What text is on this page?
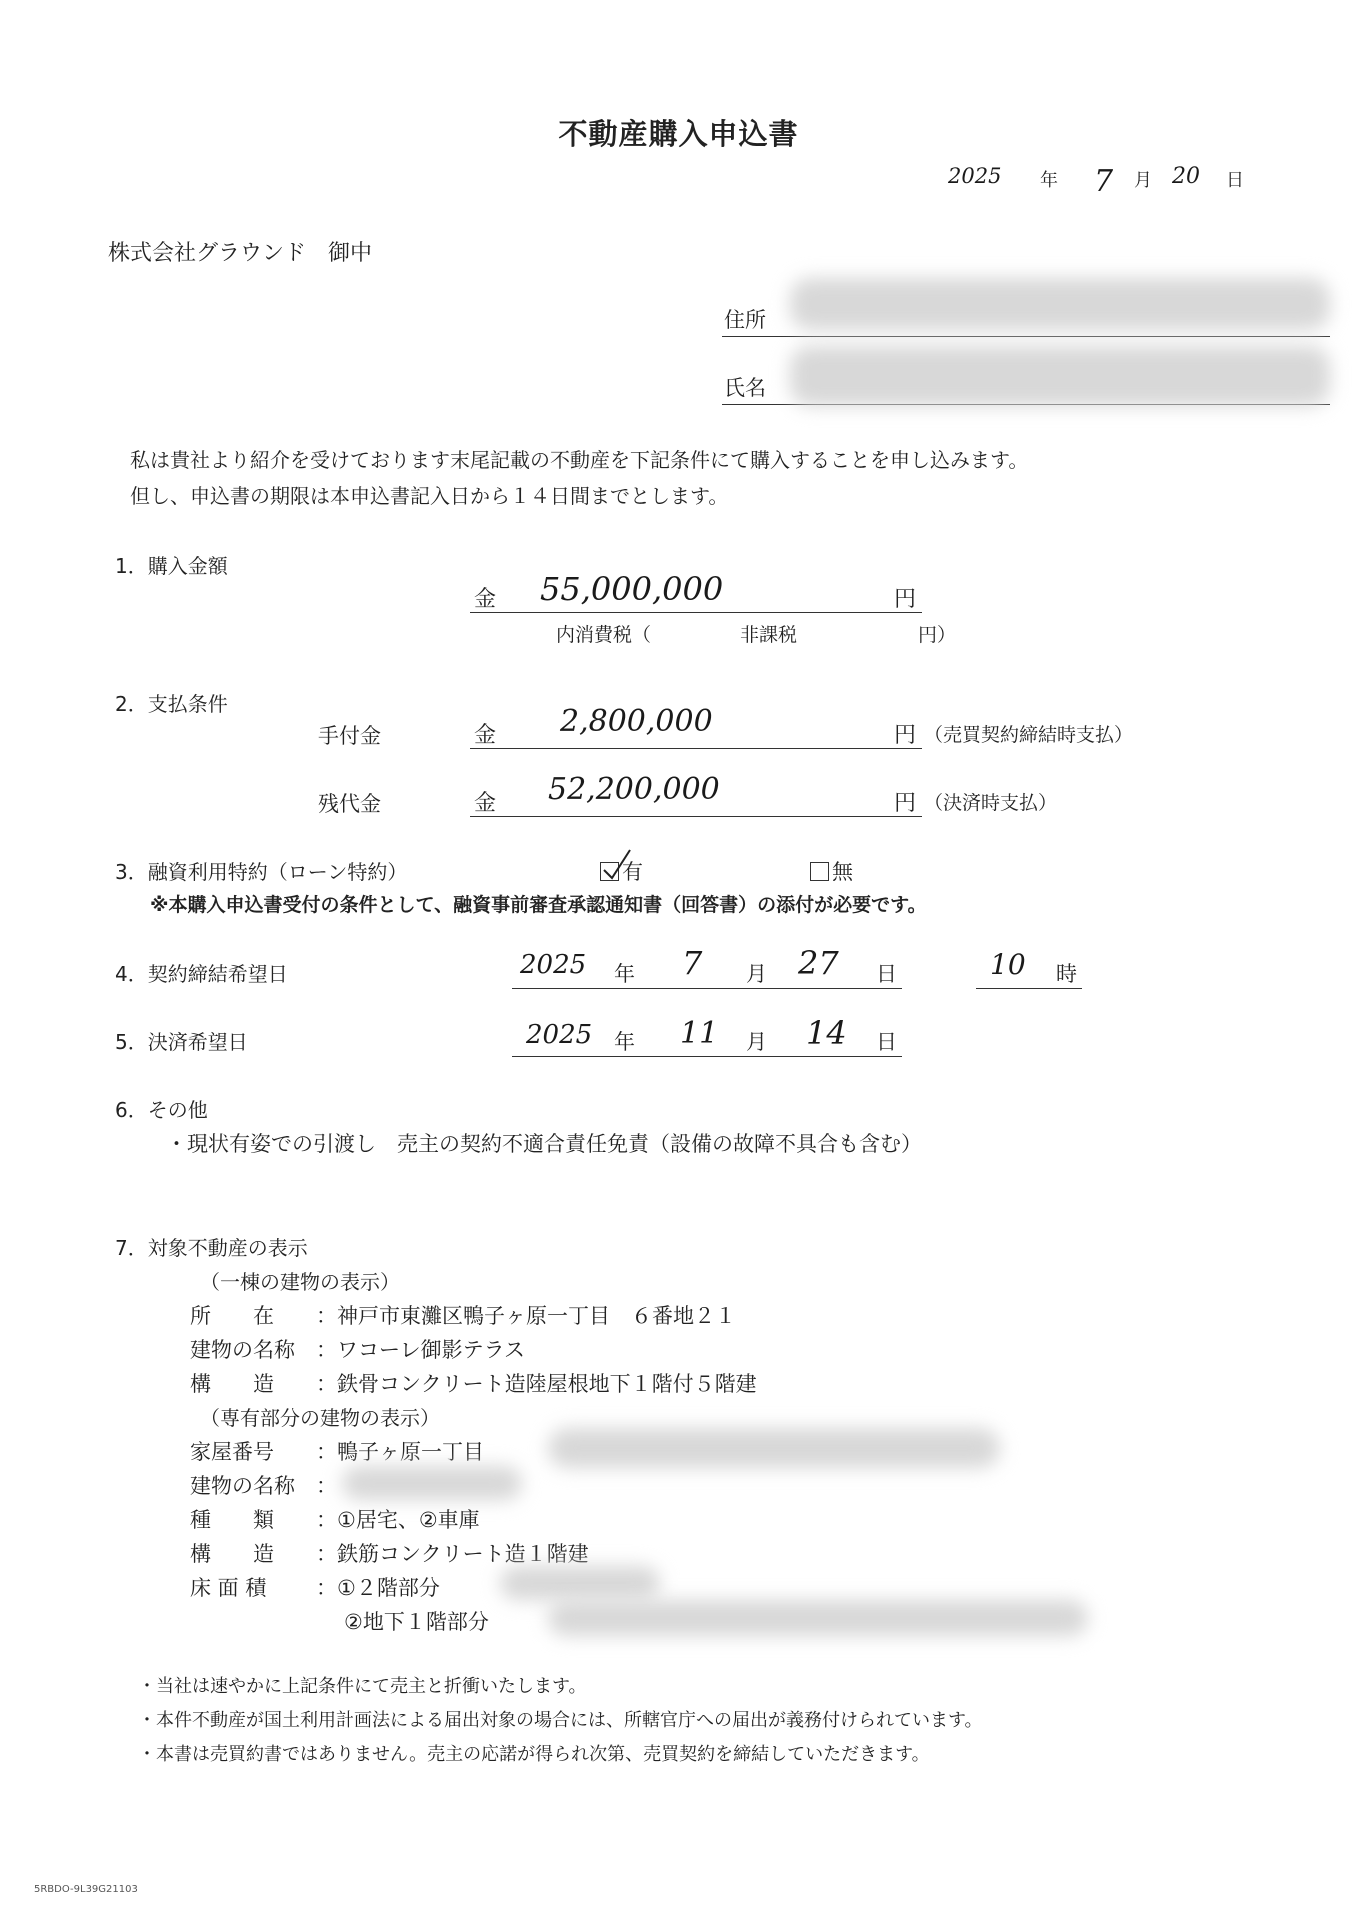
不動産購入申込書
2025 年 7 月 20 日
株式会社グラウンド　御中
住所
氏名
私は貴社より紹介を受けております末尾記載の不動産を下記条件にて購入することを申し込みます。
但し、申込書の期限は本申込書記入日から１４日間までとします。
1．購入金額
金 55,000,000	円
内消費税（	非課税	円）
2．支払条件
手付金	金 2,800,000	円 （売買契約締結時支払）
残代金	金 52,200,000	円 （決済時支払）
3．融資利用特約（ローン特約）	有	無
※本購入申込書受付の条件として、融資事前審査承認通知書（回答書）の添付が必要です。
4．契約締結希望日	2025 年 7 月 27 日	10 時
5．決済希望日	2025 年 11 月 14 日
6．その他
・現状有姿での引渡し　売主の契約不適合責任免責（設備の故障不具合も含む）
7．対象不動産の表示
（一棟の建物の表示）
所　　在	：神戸市東灘区鴨子ヶ原一丁目　６番地２１
建物の名称 ：ワコーレ御影テラス
構　　造 ：鉄骨コンクリート造陸屋根地下１階付５階建
（専有部分の建物の表示）
家屋番号 ：鴨子ヶ原一丁目
建物の名称 ：
種　　類 ：①居宅、②車庫
構　　造 ：鉄筋コンクリート造１階建
床 面 積 ：①２階部分
②地下１階部分
・当社は速やかに上記条件にて売主と折衝いたします。
・本件不動産が国土利用計画法による届出対象の場合には、所轄官庁への届出が義務付けられています。
・本書は売買約書ではありません。売主の応諾が得られ次第、売買契約を締結していただきます。
5RBDO-9L39G21103
